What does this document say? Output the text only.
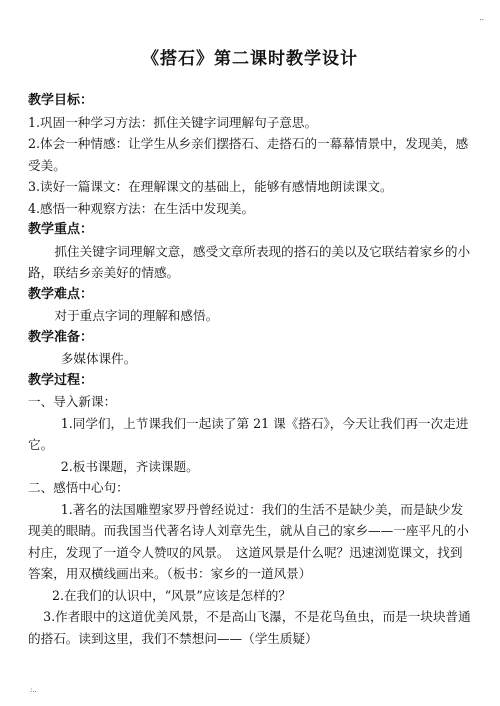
..

《搭石》第二课时教学设计

教学目标：

1.巩固一种学习方法：抓住关键字词理解句子意思。

2.体会一种情感：让学生从乡亲们摆搭石、走搭石的一幕幕情景中，发现美，感受美。

3.读好一篇课文：在理解课文的基础上，能够有感情地朗读课文。

4.感悟一种观察方法：在生活中发现美。

教学重点：

抓住关键字词理解文意，感受文章所表现的搭石的美以及它联结着家乡的小路，联结乡亲美好的情感。

教学难点：

对于重点字词的理解和感悟。

教学准备：

多媒体课件。

教学过程：

一、导入新课：

1.同学们，上节课我们一起读了第 21 课《搭石》，今天让我们再一次走进它。

2.板书课题，齐读课题。

二、感悟中心句：

1.著名的法国雕塑家罗丹曾经说过：我们的生活不是缺少美，而是缺少发现美的眼睛。而我国当代著名诗人刘章先生，就从自己的家乡——一座平凡的小村庄，发现了一道令人赞叹的风景。　这道风景是什么呢？迅速浏览课文，找到答案，用双横线画出来。（板书：家乡的一道风景）

2.在我们的认识中，“风景”应该是怎样的？

3.作者眼中的这道优美风景，不是高山飞瀑，不是花鸟鱼虫，而是一块块普通的搭石。读到这里，我们不禁想问——（学生质疑）

:..
